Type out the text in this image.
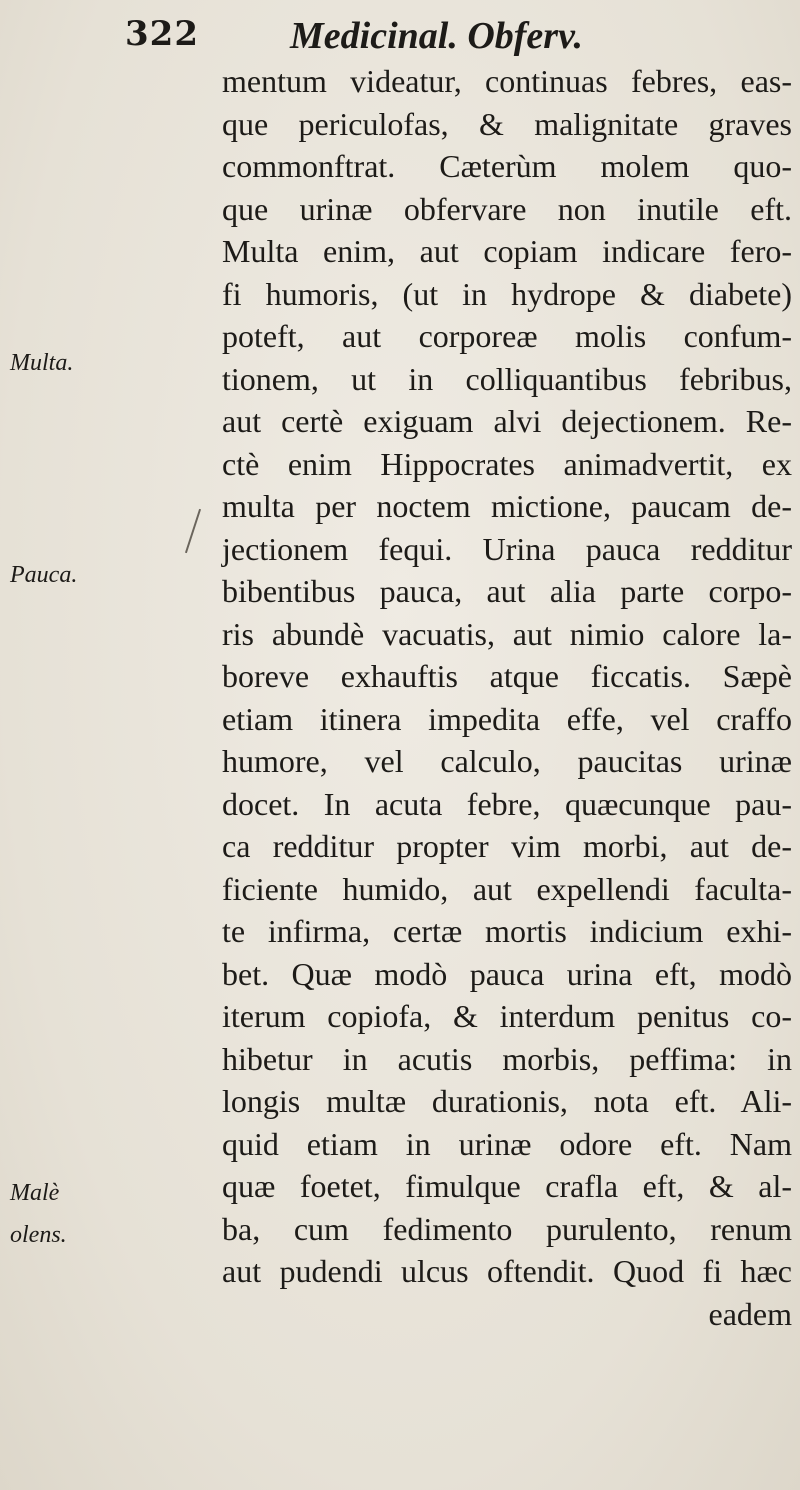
322 Medicinal. Obferv.
Multa.
Pauca.
Malè
olens.
mentum videatur, continuas febres, eas-
que periculofas, & malignitate graves
commonftrat. Cæterùm molem quo-
que urinæ obfervare non inutile eft.
Multa enim, aut copiam indicare fero-
fi humoris, (ut in hydrope & diabete)
poteft, aut corporeæ molis confum-
tionem, ut in colliquantibus febribus,
aut certè exiguam alvi dejectionem. Re-
ctè enim Hippocrates animadvertit, ex
multa per noctem mictione, paucam de-
jectionem fequi. Urina pauca redditur
bibentibus pauca, aut alia parte corpo-
ris abundè vacuatis, aut nimio calore la-
boreve exhauftis atque ficcatis. Sæpè
etiam itinera impedita effe, vel craffo
humore, vel calculo, paucitas urinæ
docet. In acuta febre, quæcunque pau-
ca redditur propter vim morbi, aut de-
ficiente humido, aut expellendi faculta-
te infirma, certæ mortis indicium exhi-
bet. Quæ modò pauca urina eft, modò
iterum copiofa, & interdum penitus co-
hibetur in acutis morbis, peffima: in
longis multæ durationis, nota eft. Ali-
quid etiam in urinæ odore eft. Nam
quæ foetet, fimulque crafla eft, & al-
ba, cum fedimento purulento, renum
aut pudendi ulcus oftendit. Quod fi hæc
eadem
